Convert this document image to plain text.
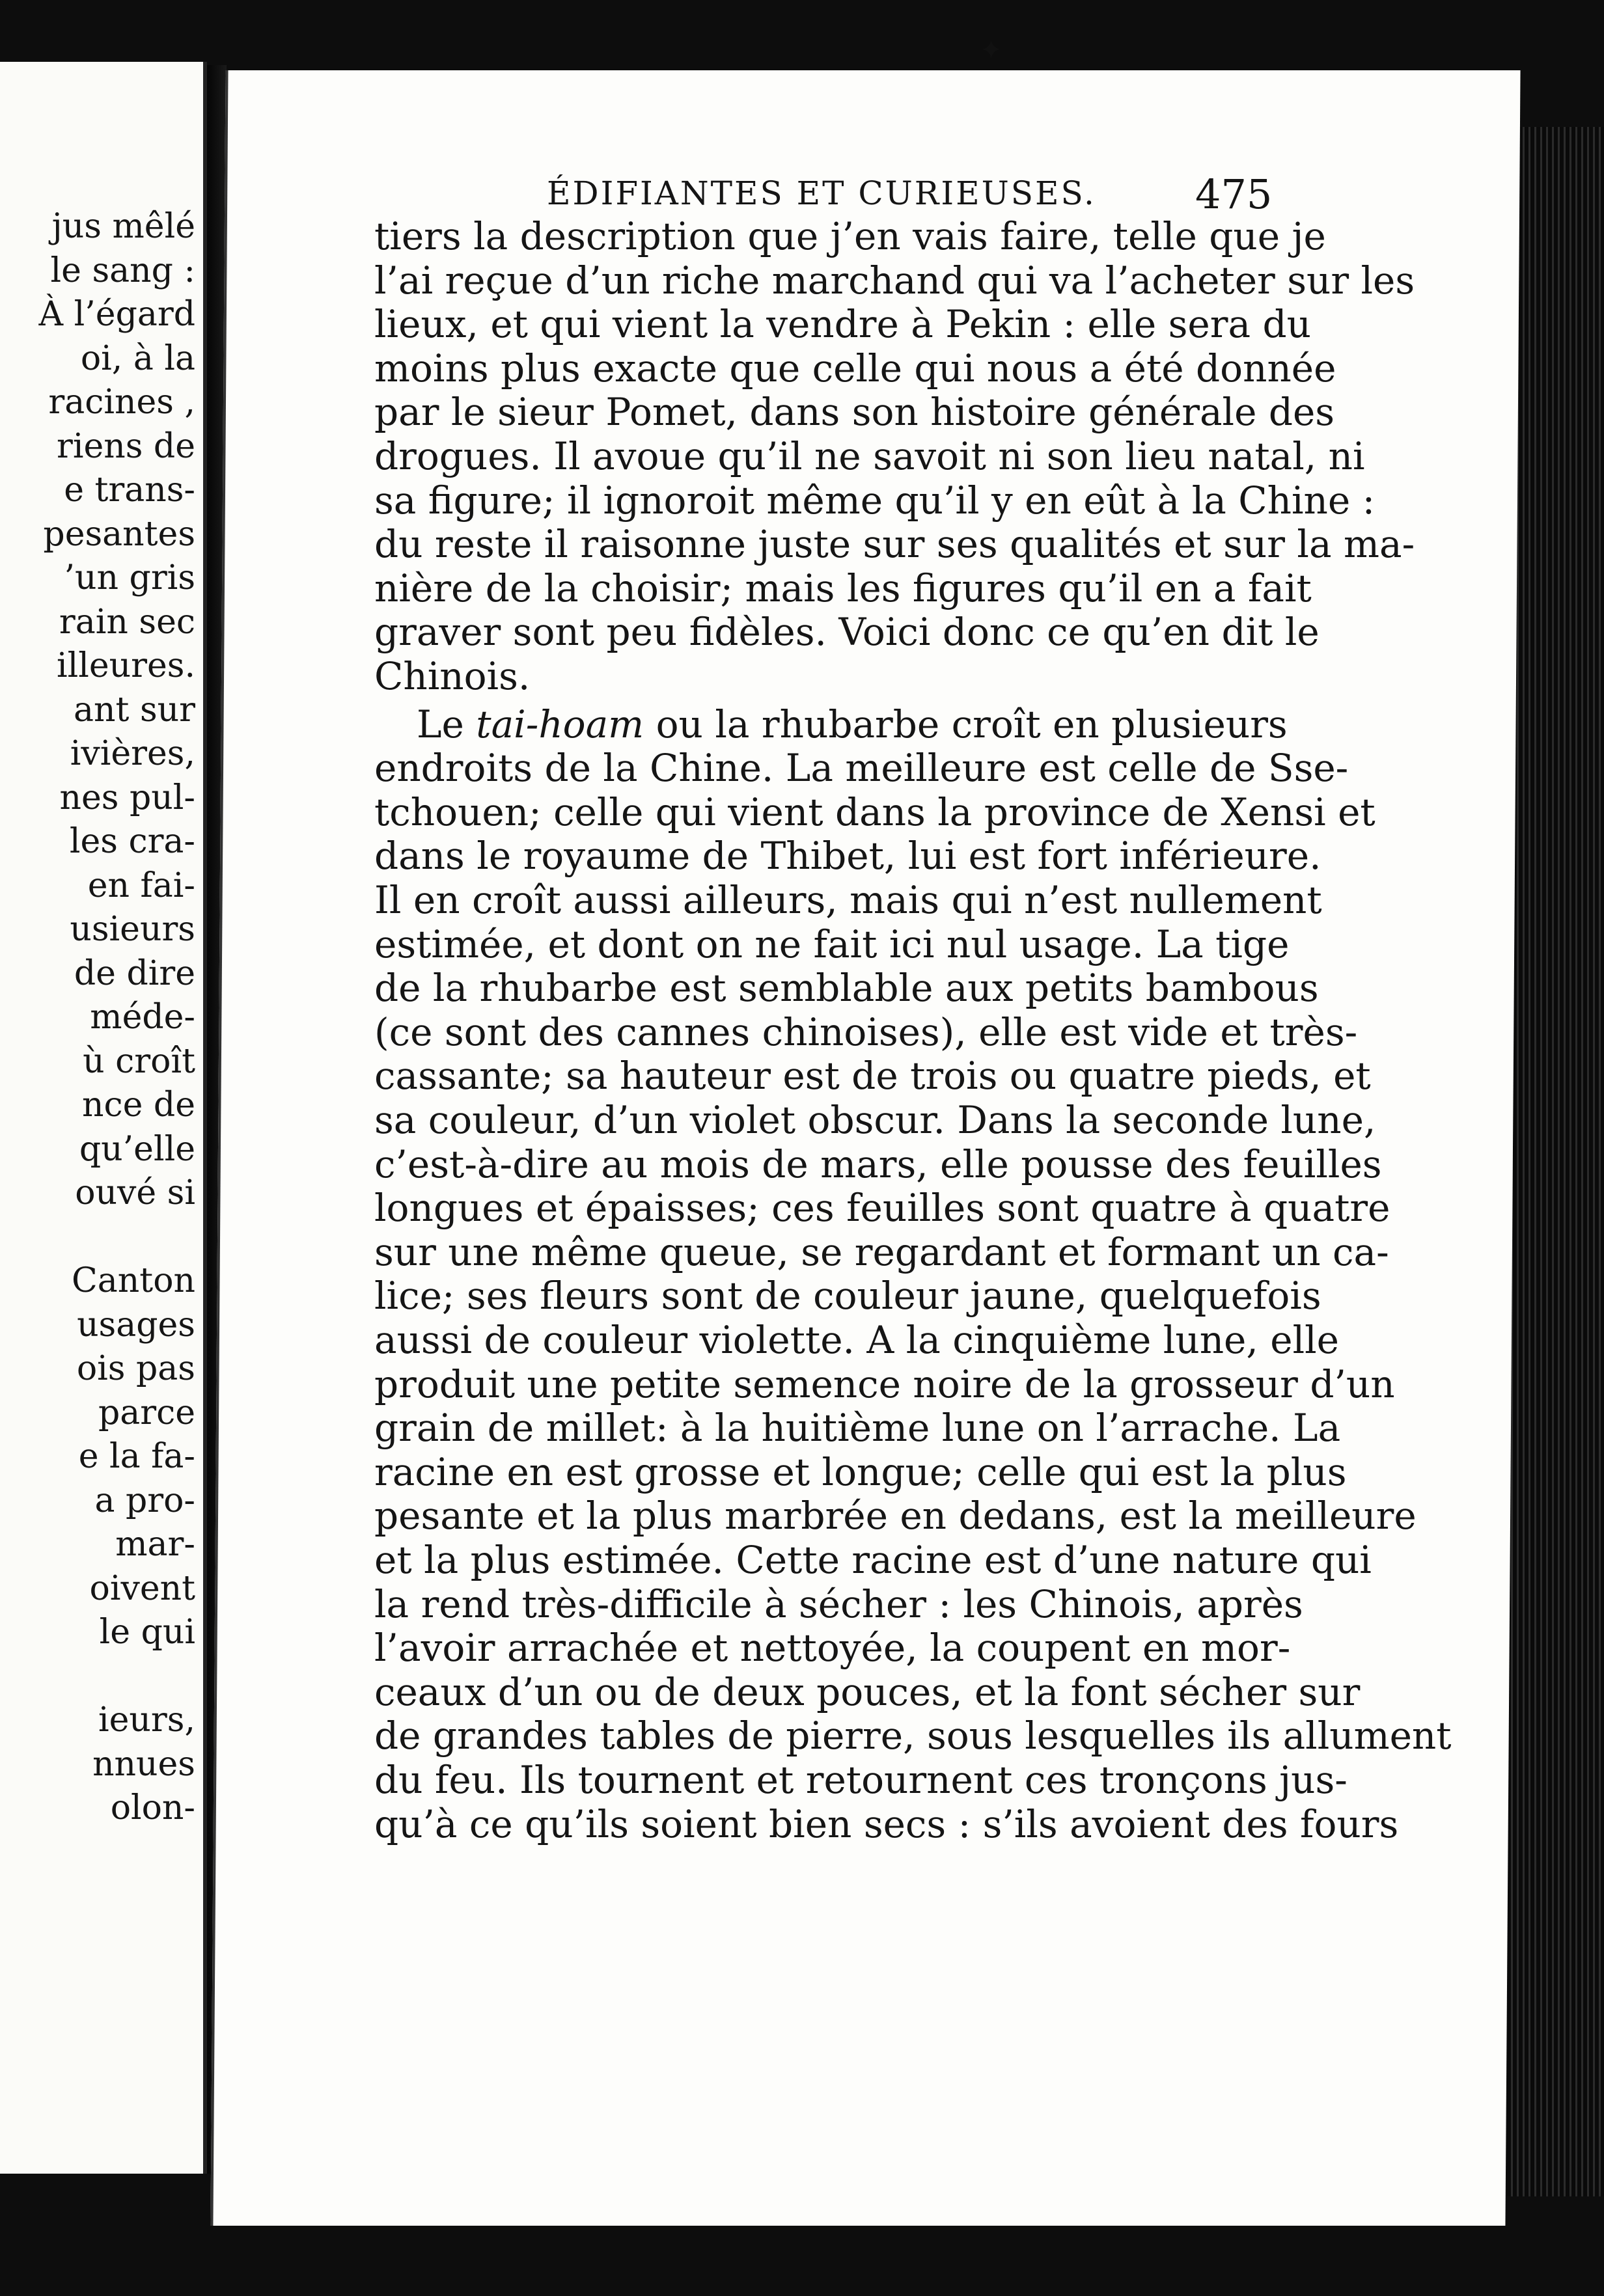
jus mêlé
le sang :
À l’égard
oi, à la
racines ,
riens de
e trans-
pesantes
’un gris
rain sec
illeures.
ant sur
ivières,
nes pul-
les cra-
en fai-
usieurs
de dire
méde-
ù croît
nce de
qu’elle
ouvé si
Canton
usages
ois pas
parce
e la fa-
a pro-
mar-
oivent
le qui
ieurs,
nnues
olon-
✦
ÉDIFIANTES ET CURIEUSES.	475
tiers la description que j’en vais faire, telle que je
l’ai reçue d’un riche marchand qui va l’acheter sur les
lieux, et qui vient la vendre à Pekin : elle sera du
moins plus exacte que celle qui nous a été donnée
par le sieur Pomet, dans son histoire générale des
drogues. Il avoue qu’il ne savoit ni son lieu natal, ni
sa figure; il ignoroit même qu’il y en eût à la Chine :
du reste il raisonne juste sur ses qualités et sur la ma-
nière de la choisir; mais les figures qu’il en a fait
graver sont peu fidèles. Voici donc ce qu’en dit le
Chinois.
Le tai-hoam ou la rhubarbe croît en plusieurs
endroits de la Chine. La meilleure est celle de Sse-
tchouen; celle qui vient dans la province de Xensi et
dans le royaume de Thibet, lui est fort inférieure.
Il en croît aussi ailleurs, mais qui n’est nullement
estimée, et dont on ne fait ici nul usage. La tige
de la rhubarbe est semblable aux petits bambous
(ce sont des cannes chinoises), elle est vide et très-
cassante; sa hauteur est de trois ou quatre pieds, et
sa couleur, d’un violet obscur. Dans la seconde lune,
c’est-à-dire au mois de mars, elle pousse des feuilles
longues et épaisses; ces feuilles sont quatre à quatre
sur une même queue, se regardant et formant un ca-
lice; ses fleurs sont de couleur jaune, quelquefois
aussi de couleur violette. A la cinquième lune, elle
produit une petite semence noire de la grosseur d’un
grain de millet: à la huitième lune on l’arrache. La
racine en est grosse et longue; celle qui est la plus
pesante et la plus marbrée en dedans, est la meilleure
et la plus estimée. Cette racine est d’une nature qui
la rend très-difficile à sécher : les Chinois, après
l’avoir arrachée et nettoyée, la coupent en mor-
ceaux d’un ou de deux pouces, et la font sécher sur
de grandes tables de pierre, sous lesquelles ils allument
du feu. Ils tournent et retournent ces tronçons jus-
qu’à ce qu’ils soient bien secs : s’ils avoient des fours
